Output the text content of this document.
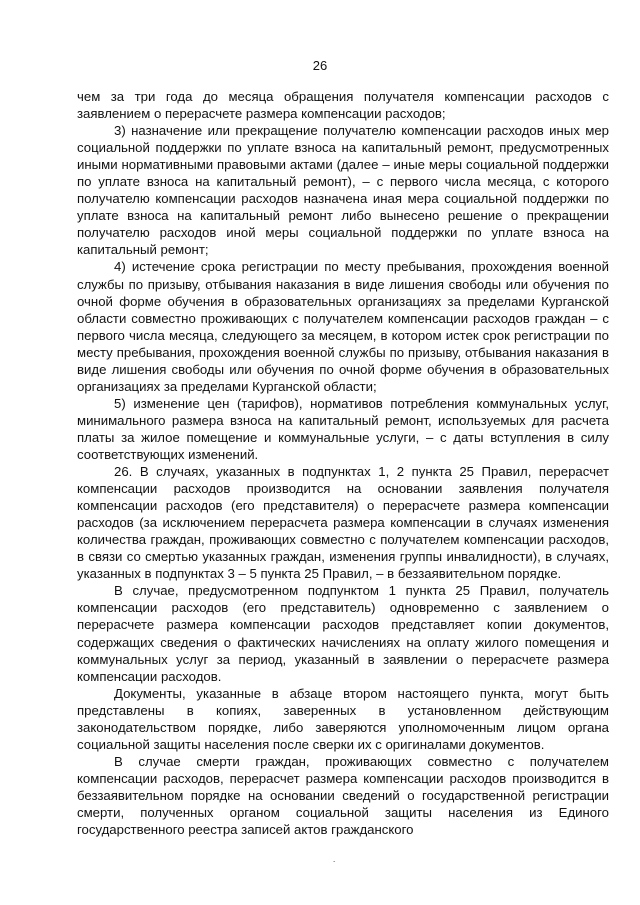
26

чем за три года до месяца обращения получателя компенсации расходов с заявлением о перерасчете размера компенсации расходов;

3) назначение или прекращение получателю компенсации расходов иных мер социальной поддержки по уплате взноса на капитальный ремонт, предусмотренных иными нормативными правовыми актами (далее – иные меры социальной поддержки по уплате взноса на капитальный ремонт), – с первого числа месяца, с которого получателю компенсации расходов назначена иная мера социальной поддержки по уплате взноса на капитальный ремонт либо вынесено решение о прекращении получателю расходов иной меры социальной поддержки по уплате взноса на капитальный ремонт;

4) истечение срока регистрации по месту пребывания, прохождения военной службы по призыву, отбывания наказания в виде лишения свободы или обучения по очной форме обучения в образовательных организациях за пределами Курганской области совместно проживающих с получателем компенсации расходов граждан – с первого числа месяца, следующего за месяцем, в котором истек срок регистрации по месту пребывания, прохождения военной службы по призыву, отбывания наказания в виде лишения свободы или обучения по очной форме обучения в образовательных организациях за пределами Курганской области;

5) изменение цен (тарифов), нормативов потребления коммунальных услуг, минимального размера взноса на капитальный ремонт, используемых для расчета платы за жилое помещение и коммунальные услуги, – с даты вступления в силу соответствующих изменений.

26. В случаях, указанных в подпунктах 1, 2 пункта 25 Правил, перерасчет компенсации расходов производится на основании заявления получателя компенсации расходов (его представителя) о перерасчете размера компенсации расходов (за исключением перерасчета размера компенсации в случаях изменения количества граждан, проживающих совместно с получателем компенсации расходов, в связи со смертью указанных граждан, изменения группы инвалидности), в случаях, указанных в подпунктах 3 – 5 пункта 25 Правил, – в беззаявительном порядке.

В случае, предусмотренном подпунктом 1 пункта 25 Правил, получатель компенсации расходов (его представитель) одновременно с заявлением о перерасчете размера компенсации расходов представляет копии документов, содержащих сведения о фактических начислениях на оплату жилого помещения и коммунальных услуг за период, указанный в заявлении о перерасчете размера компенсации расходов.

Документы, указанные в абзаце втором настоящего пункта, могут быть представлены в копиях, заверенных в установленном действующим законодательством порядке, либо заверяются уполномоченным лицом органа социальной защиты населения после сверки их с оригиналами документов.

В случае смерти граждан, проживающих совместно с получателем компенсации расходов, перерасчет размера компенсации расходов производится в беззаявительном порядке на основании сведений о государственной регистрации смерти, полученных органом социальной защиты населения из Единого государственного реестра записей актов гражданского

.
